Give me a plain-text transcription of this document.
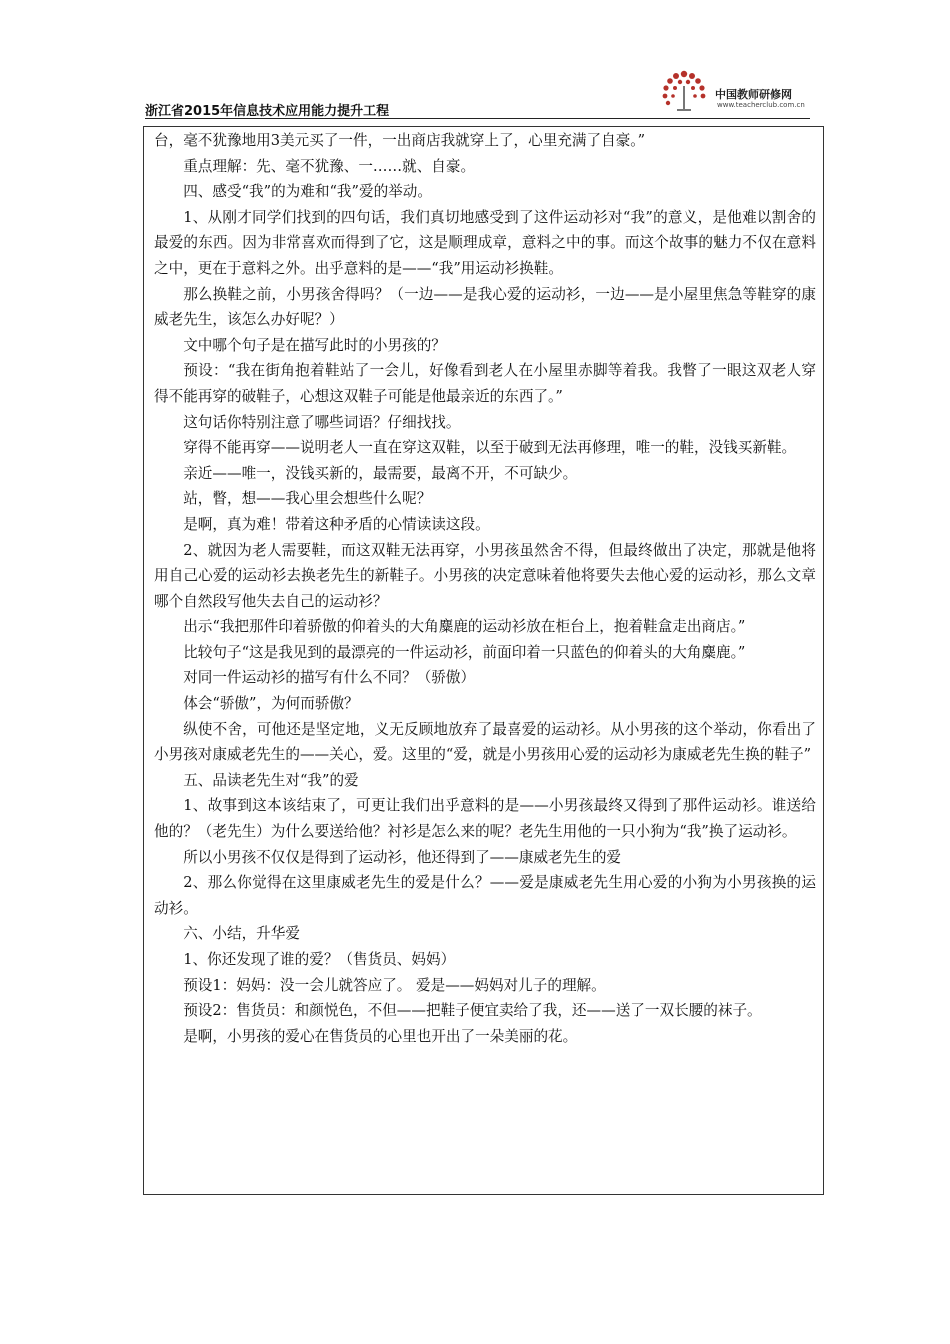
中国教师研修网
www.teacherclub.com.cn
浙江省2015年信息技术应用能力提升工程

台，毫不犹豫地用3美元买了一件，一出商店我就穿上了，心里充满了自豪。”

重点理解：先、毫不犹豫、一……就、自豪。

四、感受“我”的为难和“我”爱的举动。

1、从刚才同学们找到的四句话，我们真切地感受到了这件运动衫对“我”的意义，是他难以割舍的最爱的东西。因为非常喜欢而得到了它，这是顺理成章，意料之中的事。而这个故事的魅力不仅在意料之中，更在于意料之外。出乎意料的是——“我”用运动衫换鞋。

那么换鞋之前，小男孩舍得吗？（一边——是我心爱的运动衫，一边——是小屋里焦急等鞋穿的康威老先生，该怎么办好呢？）

文中哪个句子是在描写此时的小男孩的？

预设：“我在街角抱着鞋站了一会儿，好像看到老人在小屋里赤脚等着我。我瞥了一眼这双老人穿得不能再穿的破鞋子，心想这双鞋子可能是他最亲近的东西了。”

这句话你特别注意了哪些词语？仔细找找。

穿得不能再穿——说明老人一直在穿这双鞋，以至于破到无法再修理，唯一的鞋，没钱买新鞋。

亲近——唯一，没钱买新的，最需要，最离不开，不可缺少。

站，瞥，想——我心里会想些什么呢？

是啊，真为难！带着这种矛盾的心情读读这段。

2、就因为老人需要鞋，而这双鞋无法再穿，小男孩虽然舍不得，但最终做出了决定，那就是他将用自己心爱的运动衫去换老先生的新鞋子。小男孩的决定意味着他将要失去他心爱的运动衫，那么文章哪个自然段写他失去自己的运动衫？

出示“我把那件印着骄傲的仰着头的大角麋鹿的运动衫放在柜台上，抱着鞋盒走出商店。”

比较句子“这是我见到的最漂亮的一件运动衫，前面印着一只蓝色的仰着头的大角麋鹿。”

对同一件运动衫的描写有什么不同？（骄傲）

体会“骄傲”，为何而骄傲？

纵使不舍，可他还是坚定地，义无反顾地放弃了最喜爱的运动衫。从小男孩的这个举动，你看出了小男孩对康威老先生的——关心，爱。这里的“爱，就是小男孩用心爱的运动衫为康威老先生换的鞋子”

五、品读老先生对“我”的爱

1、故事到这本该结束了，可更让我们出乎意料的是——小男孩最终又得到了那件运动衫。谁送给他的？（老先生）为什么要送给他？衬衫是怎么来的呢？老先生用他的一只小狗为“我”换了运动衫。

所以小男孩不仅仅是得到了运动衫，他还得到了——康威老先生的爱

2、那么你觉得在这里康威老先生的爱是什么？——爱是康威老先生用心爱的小狗为小男孩换的运动衫。

六、小结，升华爱

1、你还发现了谁的爱？（售货员、妈妈）

预设1：妈妈：没一会儿就答应了。 爱是——妈妈对儿子的理解。

预设2：售货员：和颜悦色，不但——把鞋子便宜卖给了我，还——送了一双长腰的袜子。

是啊，小男孩的爱心在售货员的心里也开出了一朵美丽的花。
